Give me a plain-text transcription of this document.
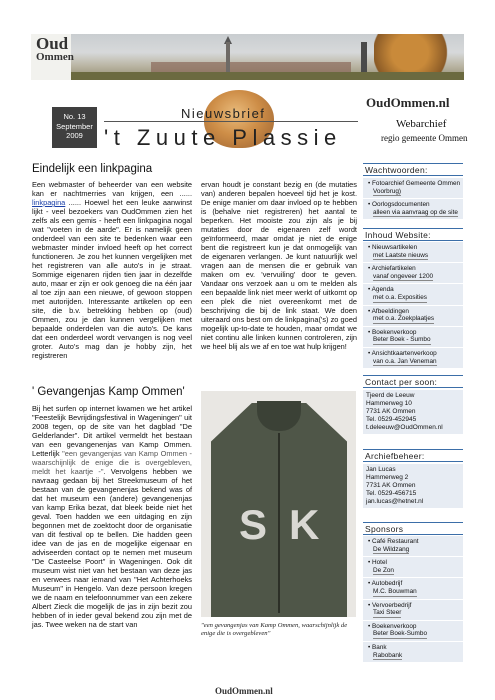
Oud
Ommen
No. 13
September
2009
Nieuwsbrief
't Zuute Plassie
OudOmmen.nl
Webarchief
regio gemeente Ommen
Eindelijk een linkpagina
Een webmaster of beheerder van een website kan er nachtmerries van krijgen, een ...... linkpagina ...... Hoewel het een leuke aanwinst lijkt - veel bezoekers van OudOmmen zien het zelfs als een gemis - heeft een linkpagina nogal wat "voeten in de aarde". Er is namelijk geen onderdeel van een site te bedenken waar een webmaster minder invloed heeft op het correct functioneren. Je zou het kunnen vergelijken met het registreren van alle auto's in je straat. Sommige eigenaren rijden tien jaar in dezelfde auto, maar er zijn er ook genoeg die na één jaar al toe zijn aan een nieuwe, of gewoon stoppen met autorijden. Interessante artikelen op een site, die b.v. betrekking hebben op (oud) Ommen, zou je dan kunnen vergelijken met bepaalde onderdelen van die auto's. De kans dat een onderdeel wordt vervangen is nog veel groter. Auto's mag dan je hobby zijn, het registreren
ervan houdt je constant bezig en (de mutaties van) anderen bepalen hoeveel tijd het je kost. De enige manier om daar invloed op te hebben is (behalve niet registreren) het aantal te beperken. Het mooiste zou zijn als je bij mutaties door de eigenaren zelf wordt geïnformeerd, maar omdat je niet de enige bent die registreert kun je dat onmogelijk van de eigenaren verlangen. Je kunt natuurlijk wel vragen aan de mensen die er gebruik van maken om ev. 'vervuiling' door te geven. Vandaar ons verzoek aan u om te melden als een bepaalde link niet meer werkt of uitkomt op een plek die niet overeenkomt met de beschrijving die bij de link staat. We doen uiteraard ons best om de linkpagina('s) zo goed mogelijk up-to-date te houden, maar omdat we niet continu alle linken kunnen controleren, zijn we heel blij als we af en toe wat hulp krijgen!
' Gevangenjas Kamp Ommen'
Bij het surfen op internet kwamen we het artikel "Feestelijk Bevrijdingsfestival in Wageningen" uit 2008 tegen, op de site van het dagblad "De Gelderlander". Dit artikel vermeldt het bestaan van een gevangenenjas van Kamp Ommen. Letterlijk "een gevangenjas van Kamp Ommen - waarschijnlijk de enige die is overgebleven, meldt het kaartje -". Vervolgens hebben we navraag gedaan bij het Streekmuseum of het bestaan van de gevangenenjas bekend was of dat het museum een (andere) gevangenenjas van kamp Erika bezat, dat bleek beide niet het geval. Toen hadden we een uitdaging en zijn begonnen met de zoektocht door de organisatie van dit festival op te bellen. Die hadden geen idee van de jas en de mogelijke eigenaar en adviseerden contact op te nemen met museum "De Casteelse Poort" in Wageningen. Ook dit museum wist niet van het bestaan van deze jas en verwees naar iemand van "Het Achterhoeks Museum" in Hengelo. Van deze persoon kregen we de naam en telefoonnummer van een zekere Albert Zieck die mogelijk de jas in zijn bezit zou hebben of in ieder geval bekend zou zijn met de jas. Twee weken na de start van
SK
"een gevangenjas van Kamp Ommen, waarschijnlijk de enige die is overgebleven"
Wachtwoorden:
• Fotoarchief Gemeente Ommen
Voorbrug)
• Oorlogsdocumenten
alleen via aanvraag op de site
Inhoud Website:
• Nieuwsartikelen
met Laatste nieuws
• Archiefartikelen
vanaf ongeveer 1200
• Agenda
met o.a. Exposities
• Afbeeldingen
met o.a. Zoekplaatjes
• Boekenverkoop
Beter Boek - Sumbo
• Ansichtkaartenverkoop
van o.a. Jan Veneman
Contact per soon:
Tjeerd de Leeuw
Hammerweg 10
7731 AK Ommen
Tel. 0529-452945
t.deleeuw@OudOmmen.nl
Archiefbeheer:
Jan Lucas
Hammerweg 2
7731 AK Ommen
Tel. 0529-456715
jan.lucas@hetnet.nl
Sponsors
• Café Restaurant
De Wildzang
• Hotel
De Zon
• Autobedrijf
M.C. Bouwman
• Vervoerbedrijf
Taxi Steer
• Boekenverkoop
Beter Boek-Sumbo
• Bank
Rabobank
OudOmmen.nl
